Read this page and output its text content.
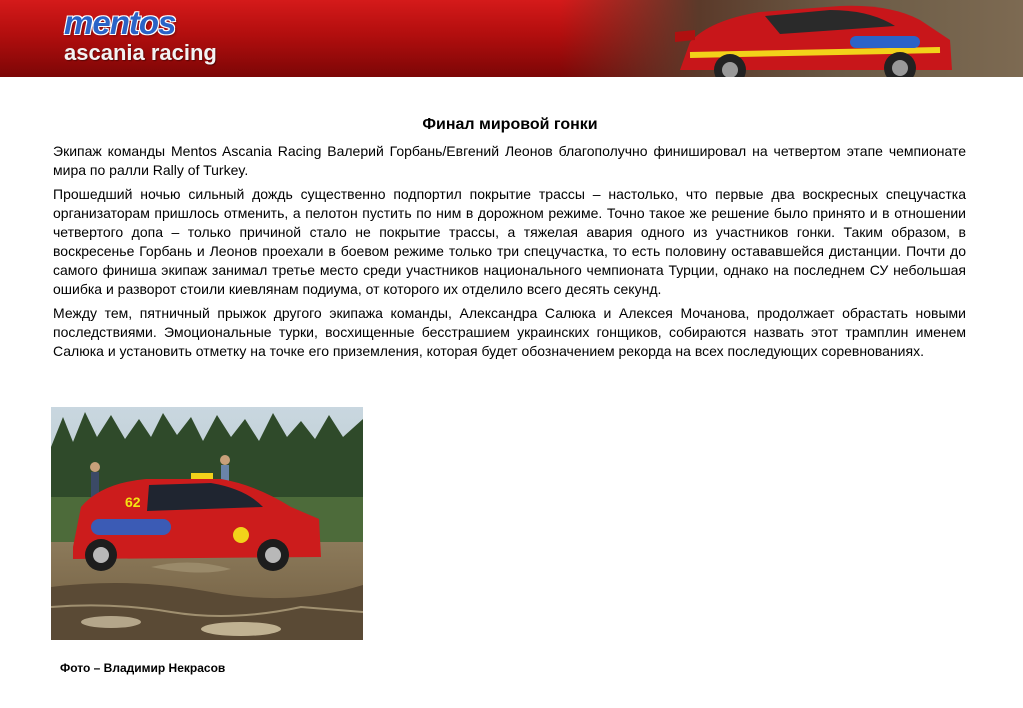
mentos
ascania racing
Финал мировой гонки

Экипаж команды Mentos Ascania Racing Валерий Горбань/Евгений Леонов благополучно финишировал на четвертом этапе чемпионате мира по ралли Rally of Turkey.

Прошедший ночью сильный дождь существенно подпортил покрытие трассы – настолько, что первые два воскресных спецучастка организаторам пришлось отменить, а пелотон пустить по ним в дорожном режиме. Точно такое же решение было принято и в отношении четвертого допа – только причиной стало не покрытие трассы, а тяжелая авария одного из участников гонки. Таким образом, в воскресенье Горбань и Леонов проехали в боевом режиме только три спецучастка, то есть половину остававшейся дистанции. Почти до самого финиша экипаж занимал третье место среди участников национального чемпионата Турции, однако на последнем СУ небольшая ошибка и разворот стоили киевлянам подиума, от которого их отделило всего десять секунд.

Между тем, пятничный прыжок другого экипажа команды, Александра Салюка и Алексея Мочанова, продолжает обрастать новыми последствиями. Эмоциональные турки, восхищенные бесстрашием украинских гонщиков, собираются назвать этот трамплин именем Салюка и установить отметку на точке его приземления, которая будет обозначением рекорда на всех последующих соревнованиях.

62
Фото – Владимир Некрасов
